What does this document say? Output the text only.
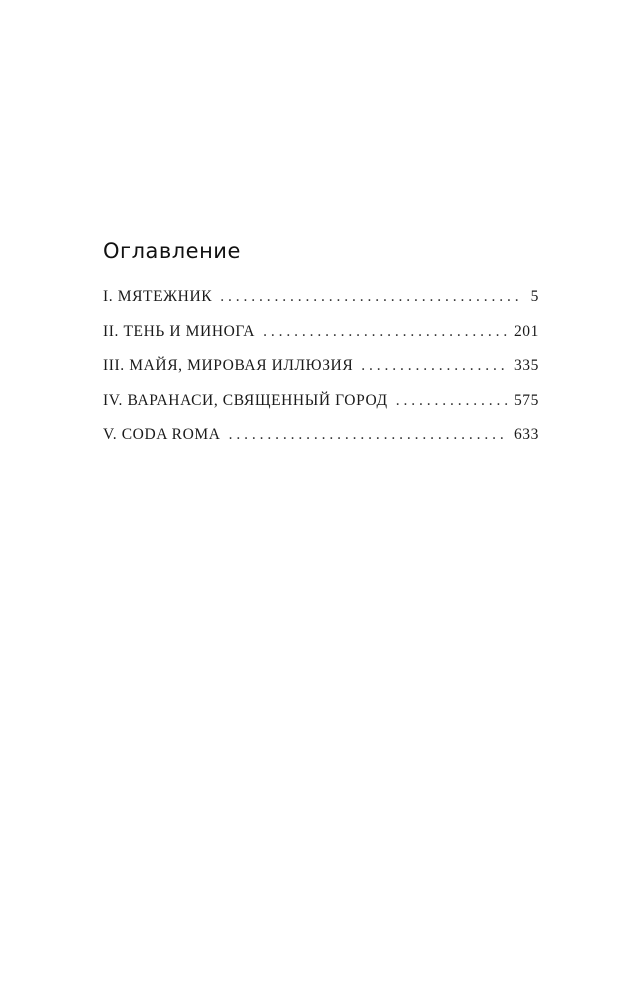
Оглавление
I. МЯТЕЖНИК . . .	5
II. ТЕНЬ И МИНОГА . . .	201
III. МАЙЯ, МИРОВАЯ ИЛЛЮЗИЯ . . .	335
IV. ВАРАНАСИ, СВЯЩЕННЫЙ ГОРОД . . .	575
V. CODA ROMA . . .	633
